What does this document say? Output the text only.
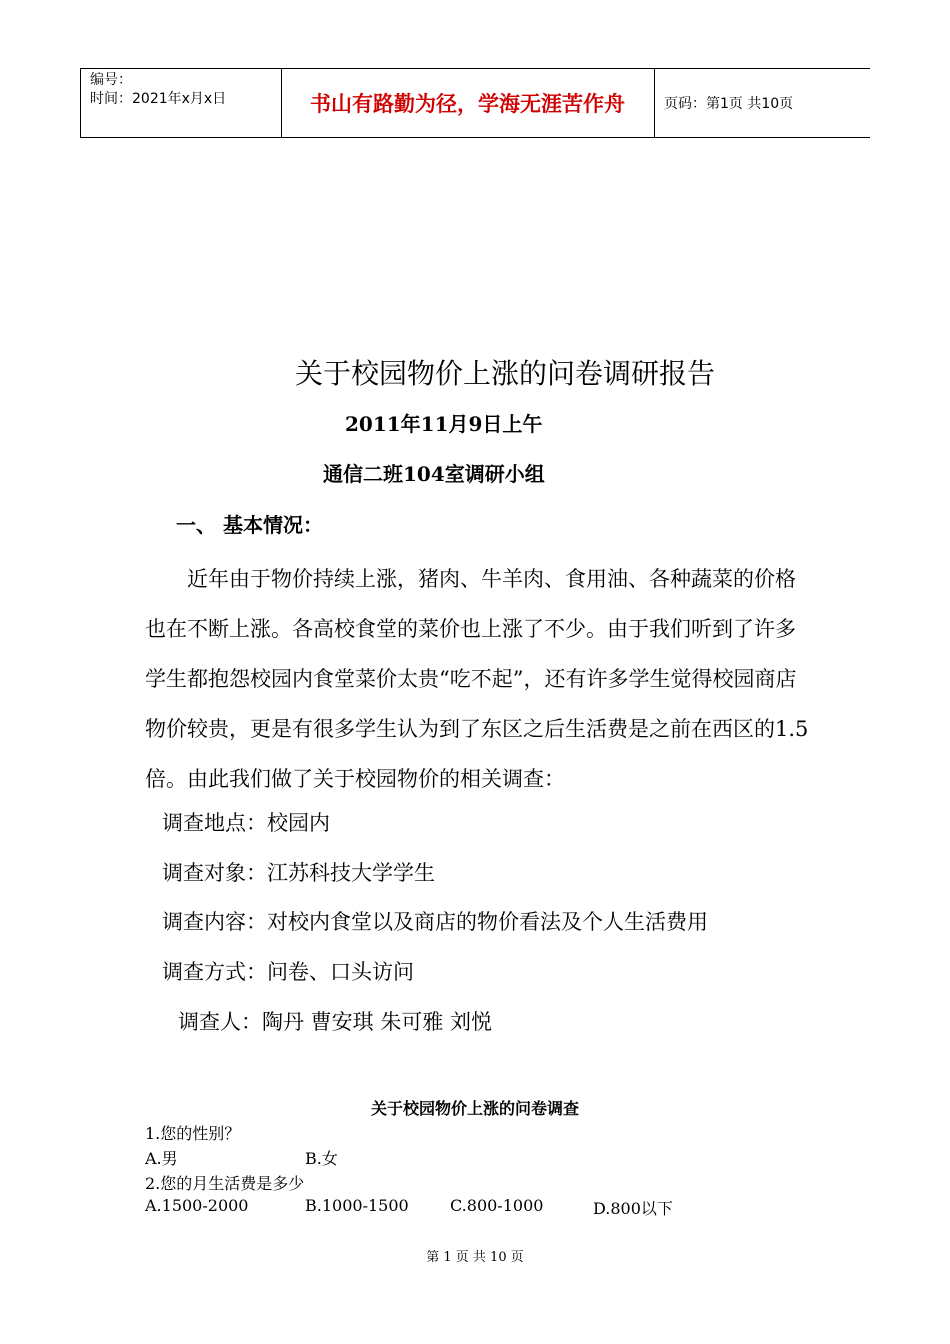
编号：
时间：2021年x月x日	书山有路勤为径，学海无涯苦作舟	页码：第1页 共10页
关于校园物价上涨的问卷调研报告
2011年11月9日上午
通信二班104室调研小组
一、 基本情况：
近年由于物价持续上涨，猪肉、牛羊肉、食用油、各种蔬菜的价格也在不断上涨。各高校食堂的菜价也上涨了不少。由于我们听到了许多学生都抱怨校园内食堂菜价太贵“吃不起”，还有许多学生觉得校园商店物价较贵，更是有很多学生认为到了东区之后生活费是之前在西区的1.5倍。由此我们做了关于校园物价的相关调查：
调查地点：校园内
调查对象：江苏科技大学学生
调查内容：对校内食堂以及商店的物价看法及个人生活费用
调查方式：问卷、口头访问
调查人：陶丹 曹安琪 朱可雅 刘悦
关于校园物价上涨的问卷调查
1.您的性别？
A.男	B.女
2.您的月生活费是多少
A.1500-2000	B.1000-1500	C.800-1000	D.800以下
第 1 页 共 10 页
